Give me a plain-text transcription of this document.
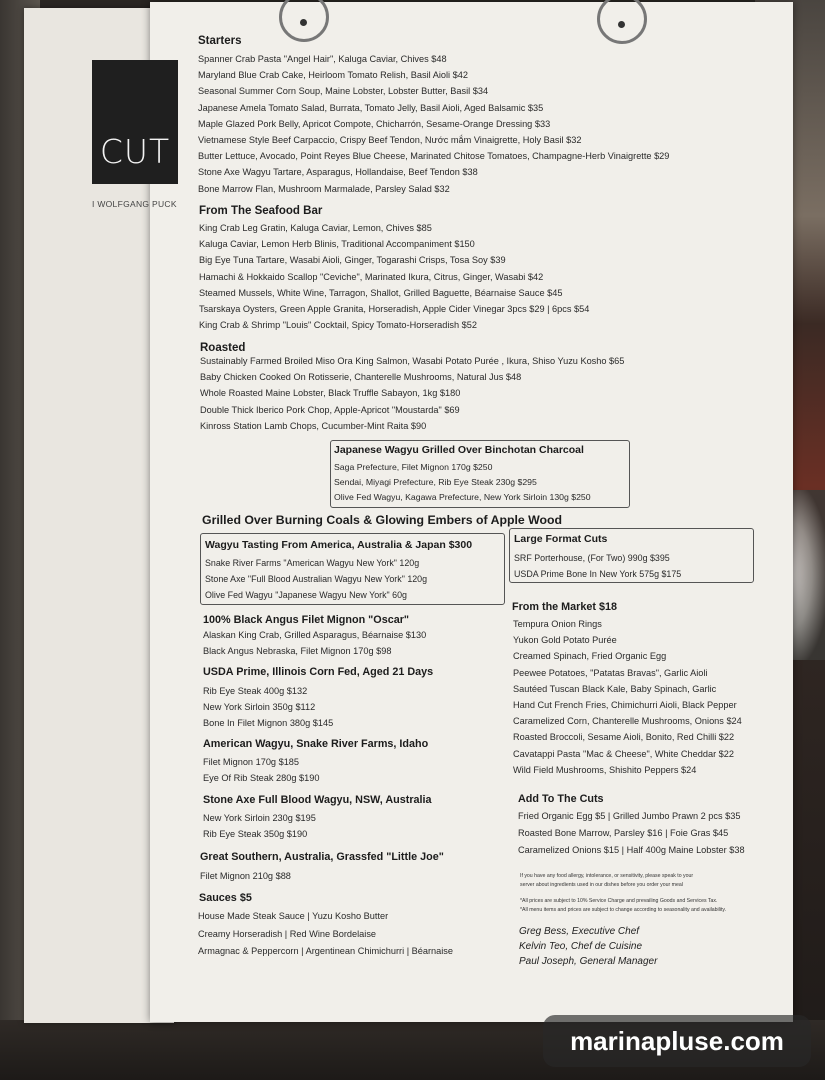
CUT
I WOLFGANG PUCK
Starters
Spanner Crab Pasta "Angel Hair", Kaluga Caviar, Chives $48
Maryland Blue Crab Cake, Heirloom Tomato Relish, Basil Aioli $42
Seasonal Summer Corn Soup, Maine Lobster, Lobster Butter, Basil $34
Japanese Amela Tomato Salad, Burrata, Tomato Jelly, Basil Aioli, Aged Balsamic $35
Maple Glazed Pork Belly, Apricot Compote, Chicharrón, Sesame-Orange Dressing $33
Vietnamese Style Beef Carpaccio, Crispy Beef Tendon, Nước mắm Vinaigrette, Holy Basil $32
Butter Lettuce, Avocado, Point Reyes Blue Cheese, Marinated Chitose Tomatoes, Champagne-Herb Vinaigrette $29
Stone Axe Wagyu Tartare, Asparagus, Hollandaise, Beef Tendon $38
Bone Marrow Flan, Mushroom Marmalade, Parsley Salad $32
From The Seafood Bar
King Crab Leg Gratin, Kaluga Caviar, Lemon, Chives $85
Kaluga Caviar, Lemon Herb Blinis, Traditional Accompaniment $150
Big Eye Tuna Tartare, Wasabi Aioli, Ginger, Togarashi Crisps, Tosa Soy $39
Hamachi & Hokkaido Scallop "Ceviche", Marinated Ikura, Citrus, Ginger, Wasabi $42
Steamed Mussels, White Wine, Tarragon, Shallot, Grilled Baguette, Béarnaise Sauce $45
Tsarskaya Oysters, Green Apple Granita, Horseradish, Apple Cider Vinegar 3pcs $29 | 6pcs $54
King Crab & Shrimp "Louis" Cocktail, Spicy Tomato-Horseradish $52
Roasted
Sustainably Farmed Broiled Miso Ora King Salmon, Wasabi Potato Purée , Ikura, Shiso Yuzu Kosho $65
Baby Chicken Cooked On Rotisserie, Chanterelle Mushrooms, Natural Jus $48
Whole Roasted Maine Lobster, Black Truffle Sabayon, 1kg $180
Double Thick Iberico Pork Chop, Apple-Apricot "Moustarda" $69
Kinross Station Lamb Chops, Cucumber-Mint Raita $90
Japanese Wagyu Grilled Over Binchotan Charcoal
Saga Prefecture, Filet Mignon 170g $250
Sendai, Miyagi Prefecture, Rib Eye Steak 230g $295
Olive Fed Wagyu, Kagawa Prefecture, New York Sirloin 130g $250
Grilled Over Burning Coals & Glowing Embers of Apple Wood
Wagyu Tasting From America, Australia & Japan $300
Snake River Farms "American Wagyu New York" 120g
Stone Axe "Full Blood Australian Wagyu New York" 120g
Olive Fed Wagyu "Japanese Wagyu New York" 60g
Large Format Cuts
SRF Porterhouse, (For Two) 990g $395
USDA Prime Bone In New York 575g $175
100% Black Angus Filet Mignon "Oscar"
Alaskan King Crab, Grilled Asparagus, Béarnaise $130
Black Angus Nebraska, Filet Mignon 170g $98
USDA Prime, Illinois Corn Fed, Aged 21 Days
Rib Eye Steak 400g $132
New York Sirloin 350g $112
Bone In Filet Mignon 380g $145
American Wagyu, Snake River Farms, Idaho
Filet Mignon 170g $185
Eye Of Rib Steak 280g $190
Stone Axe Full Blood Wagyu, NSW, Australia
New York Sirloin 230g $195
Rib Eye Steak 350g $190
Great Southern, Australia, Grassfed "Little Joe"
Filet Mignon 210g $88
Sauces $5
House Made Steak Sauce | Yuzu Kosho Butter
Creamy Horseradish | Red Wine Bordelaise
Armagnac & Peppercorn | Argentinean Chimichurri | Béarnaise
From the Market $18
Tempura Onion Rings
Yukon Gold Potato Purée
Creamed Spinach, Fried Organic Egg
Peewee Potatoes, "Patatas Bravas", Garlic Aioli
Sautéed Tuscan Black Kale, Baby Spinach, Garlic
Hand Cut French Fries, Chimichurri Aioli, Black Pepper
Caramelized Corn, Chanterelle Mushrooms, Onions $24
Roasted Broccoli, Sesame Aioli, Bonito, Red Chilli $22
Cavatappi Pasta "Mac & Cheese", White Cheddar $22
Wild Field Mushrooms, Shishito Peppers $24
Add To The Cuts
Fried Organic Egg $5 | Grilled Jumbo Prawn 2 pcs $35
Roasted Bone Marrow, Parsley $16 | Foie Gras $45
Caramelized Onions $15 | Half 400g Maine Lobster $38
If you have any food allergy, intolerance, or sensitivity, please speak to your
server about ingredients used in our dishes before you order your meal
*All prices are subject to 10% Service Charge and prevailing Goods and Services Tax.
*All menu items and prices are subject to change according to seasonality and availability.
Greg Bess, Executive Chef
Kelvin Teo, Chef de Cuisine
Paul Joseph, General Manager
marinapluse.com
